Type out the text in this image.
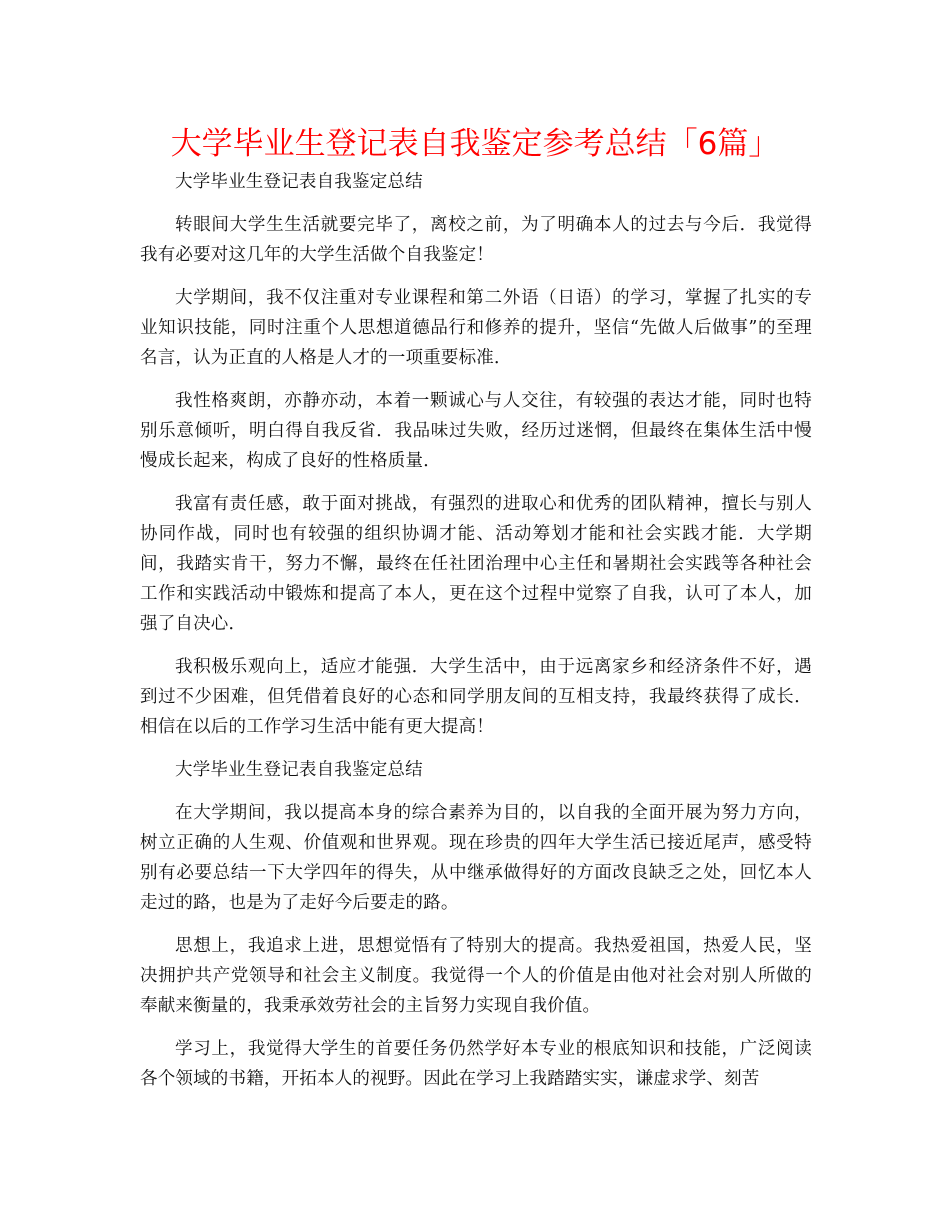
大学毕业生登记表自我鉴定参考总结「6篇」

大学毕业生登记表自我鉴定总结

转眼间大学生生活就要完毕了，离校之前，为了明确本人的过去与今后．我觉得我有必要对这几年的大学生活做个自我鉴定！

大学期间，我不仅注重对专业课程和第二外语（日语）的学习，掌握了扎实的专业知识技能，同时注重个人思想道德品行和修养的提升，坚信“先做人后做事”的至理名言，认为正直的人格是人才的一项重要标准．

我性格爽朗，亦静亦动，本着一颗诚心与人交往，有较强的表达才能，同时也特别乐意倾听，明白得自我反省．我品味过失败，经历过迷惘，但最终在集体生活中慢慢成长起来，构成了良好的性格质量．

我富有责任感，敢于面对挑战，有强烈的进取心和优秀的团队精神，擅长与别人协同作战，同时也有较强的组织协调才能、活动筹划才能和社会实践才能．大学期间，我踏实肯干，努力不懈，最终在任社团治理中心主任和暑期社会实践等各种社会工作和实践活动中锻炼和提高了本人，更在这个过程中觉察了自我，认可了本人，加强了自决心．

我积极乐观向上，适应才能强．大学生活中，由于远离家乡和经济条件不好，遇到过不少困难，但凭借着良好的心态和同学朋友间的互相支持，我最终获得了成长．相信在以后的工作学习生活中能有更大提高！

大学毕业生登记表自我鉴定总结

在大学期间，我以提高本身的综合素养为目的，以自我的全面开展为努力方向，树立正确的人生观、价值观和世界观。现在珍贵的四年大学生活已接近尾声，感受特别有必要总结一下大学四年的得失，从中继承做得好的方面改良缺乏之处，回忆本人走过的路，也是为了走好今后要走的路。

思想上，我追求上进，思想觉悟有了特别大的提高。我热爱祖国，热爱人民，坚决拥护共产党领导和社会主义制度。我觉得一个人的价值是由他对社会对别人所做的奉献来衡量的，我秉承效劳社会的主旨努力实现自我价值。

学习上，我觉得大学生的首要任务仍然学好本专业的根底知识和技能，广泛阅读各个领域的书籍，开拓本人的视野。因此在学习上我踏踏实实，谦虚求学、刻苦
